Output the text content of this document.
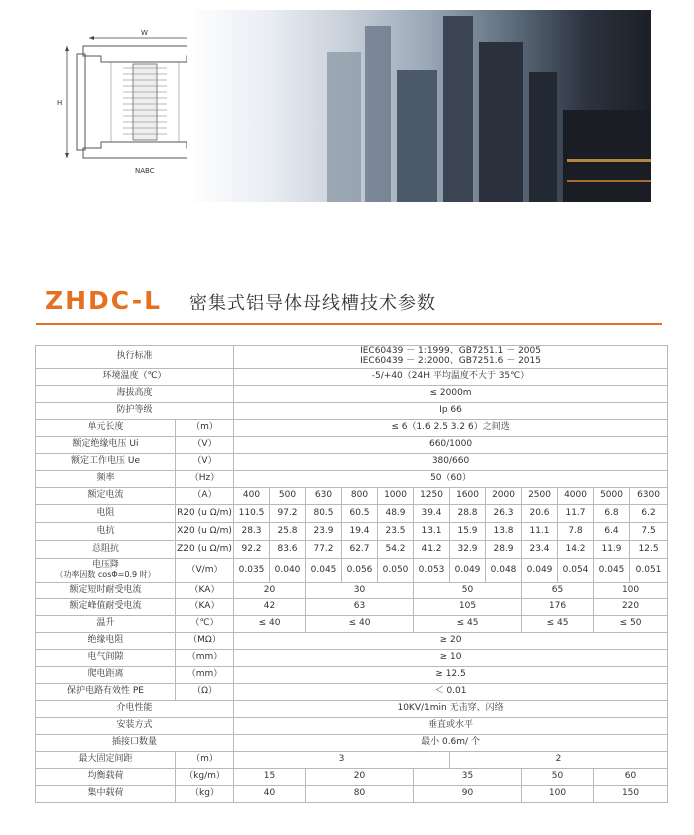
W
H
NABC
ZHDC-L 密集式铝导体母线槽技术参数
执行标准		IEC60439 － 1:1999、GB7251.1 － 2005
IEC60439 － 2:2000、GB7251.6 － 2015											

环境温度（℃）		-5/+40（24H 平均温度不大于 35℃）											
海拔高度		≤ 2000m											
防护等级		Ip 66											
单元长度	（m）	≤ 6（1.6 2.5 3.2 6）之间选											
额定绝缘电压 Ui	（V）	660/1000											
额定工作电压 Ue	（V）	380/660											
频率	（Hz）	50（60）											
额定电流	（A）	400	500	630	800	1000	1250	1600	2000	2500	4000	5000	6300
电阻	R20 (u Ω/m)	110.5	97.2	80.5	60.5	48.9	39.4	28.8	26.3	20.6	11.7	6.8	6.2
电抗	X20 (u Ω/m)	28.3	25.8	23.9	19.4	23.5	13.1	15.9	13.8	11.1	7.8	6.4	7.5
总阻抗	Z20 (u Ω/m)	92.2	83.6	77.2	62.7	54.2	41.2	32.9	28.9	23.4	14.2	11.9	12.5

电压降
（功率因数 cosΦ=0.9 时）	（V/m）	0.035	0.040	0.045	0.056	0.050	0.053	0.049	0.048	0.049	0.054	0.045	0.051
额定短时耐受电流	（KA）	20		30			50			65		100	
额定峰值耐受电流	（KA）	42		63			105			176		220	
温升	（℃）	≤ 40		≤ 40			≤ 45			≤ 45		≤ 50	
绝缘电阻	（MΩ）	≥ 20											
电气间隙	（mm）	≥ 10											
爬电距离	（mm）	≥ 12.5											
保护电路有效性 PE	（Ω）	＜ 0.01											
介电性能		10KV/1min 无击穿、闪络											
安装方式		垂直或水平											
插接口数量		最小 0.6m/ 个											
最大固定间距	（m）	3						2					
均衡载荷	（kg/m）	15		20			35			50		60	
集中载荷	（kg）	40		80			90			100		150	
